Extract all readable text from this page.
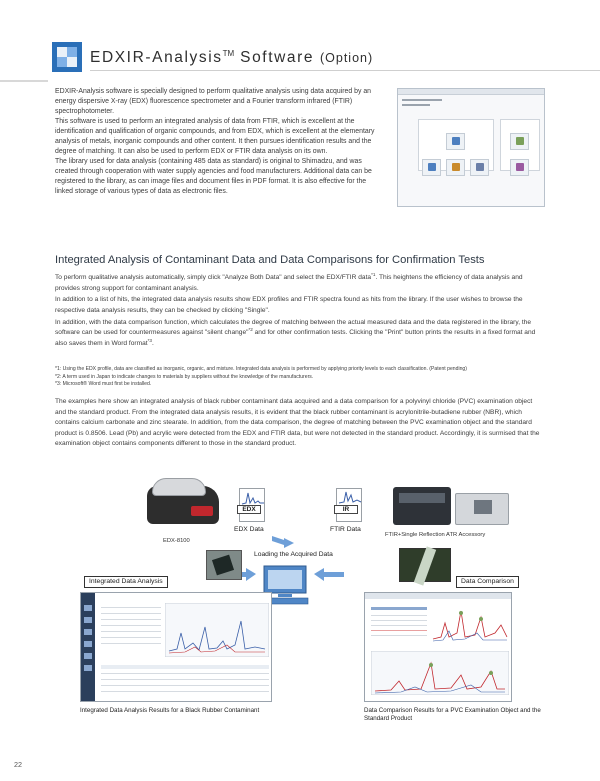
EDXIR-Analysis™ Software (Option)

EDXIR-Analysis software is specially designed to perform qualitative analysis using data acquired by an energy dispersive X-ray (EDX) fluorescence spectrometer and a Fourier transform infrared (FTIR) spectrophotometer.

This software is used to perform an integrated analysis of data from FTIR, which is excellent at the identification and qualification of organic compounds, and from EDX, which is excellent at the elementary analysis of metals, inorganic compounds and other content. It then pursues identification results and the degree of matching. It can also be used to perform EDX or FTIR data analysis on its own.

The library used for data analysis (containing 485 data as standard) is original to Shimadzu, and was created through cooperation with water supply agencies and food manufacturers. Additional data can be registered to the library, as can image files and document files in PDF format. It is also effective for the linked storage of various types of data as electronic files.

Integrated Analysis of Contaminant Data and Data Comparisons for Confirmation Tests

To perform qualitative analysis automatically, simply click "Analyze Both Data" and select the EDX/FTIR data$^{*1}$. This heightens the efficiency of data analysis and provides strong support for contaminant analysis.

In addition to a list of hits, the integrated data analysis results show EDX profiles and FTIR spectra found as hits from the library. If the user wishes to browse the respective data analysis results, they can be checked by clicking "Single".

In addition, with the data comparison function, which calculates the degree of matching between the actual measured data and the data registered in the library, the software can be used for countermeasures against "silent change"$^{*2}$ and for other confirmation tests. Clicking the "Print" button prints the results in a fixed format and also saves them in Word format$^{*3}$.

*1: Using the EDX profile, data are classified as inorganic, organic, and mixture. Integrated data analysis is performed by applying priority levels to each classification. (Patent pending)

*2: A term used in Japan to indicate changes to materials by suppliers without the knowledge of the manufacturers.

*3: Microsoft® Word must first be installed.

The examples here show an integrated analysis of black rubber contaminant data acquired and a data comparison for a polyvinyl chloride (PVC) examination object and the standard product. From the integrated data analysis results, it is evident that the black rubber contaminant is acrylonitrile-butadiene rubber (NBR), which contains calcium carbonate and zinc stearate. In addition, from the data comparison, the degree of matching between the PVC examination object and the standard product is 0.8506. Lead (Pb) and acrylic were detected from the EDX and FTIR data, but were not detected in the standard product. Accordingly, it is surmised that the examination object contains components different to those in the standard product.
EDX-8100
EDX
EDX Data
IR
FTIR Data
FTIR+Single Reflection ATR Accessory
Loading the Acquired Data
Integrated Data Analysis	Data Comparison
Integrated Data Analysis Results for a Black Rubber Contaminant	Data Comparison Results for a PVC Examination Object and the Standard Product
22
